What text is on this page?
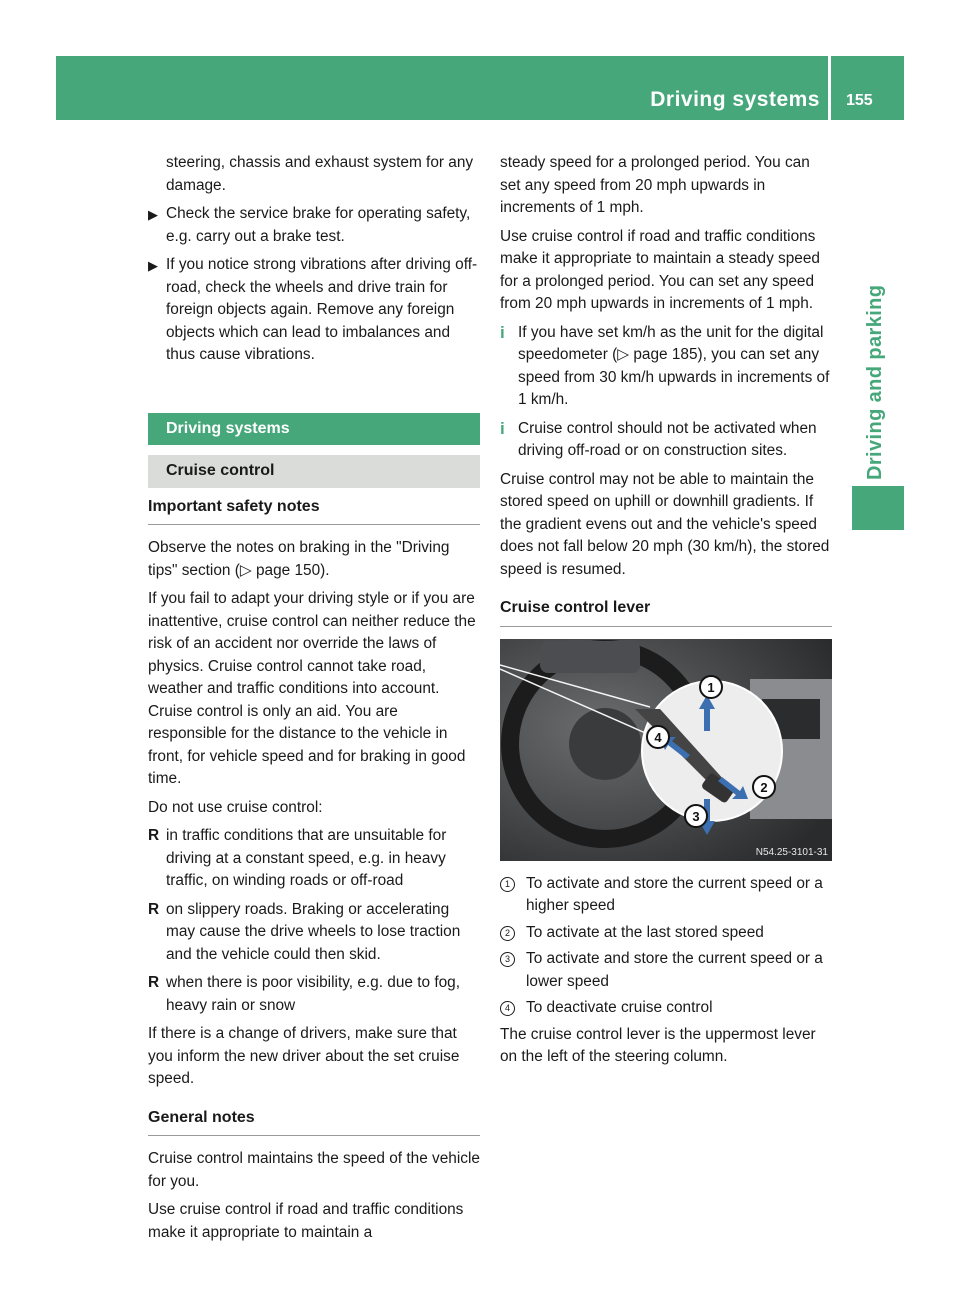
Driving systems 155
Driving and parking

steering, chassis and exhaust system for any damage.

▶ Check the service brake for operating safety, e.g. carry out a brake test.
▶ If you notice strong vibrations after driving off-road, check the wheels and drive train for foreign objects again. Remove any foreign objects which can lead to imbalances and thus cause vibrations.
Driving systems
Cruise control
Important safety notes

Observe the notes on braking in the "Driving tips" section (▷ page 150).

If you fail to adapt your driving style or if you are inattentive, cruise control can neither reduce the risk of an accident nor override the laws of physics. Cruise control cannot take road, weather and traffic conditions into account. Cruise control is only an aid. You are responsible for the distance to the vehicle in front, for vehicle speed and for braking in good time.

Do not use cruise control:

R in traffic conditions that are unsuitable for driving at a constant speed, e.g. in heavy traffic, on winding roads or off-road
R on slippery roads. Braking or accelerating may cause the drive wheels to lose traction and the vehicle could then skid.
R when there is poor visibility, e.g. due to fog, heavy rain or snow

If there is a change of drivers, make sure that you inform the new driver about the set cruise speed.

General notes

Cruise control maintains the speed of the vehicle for you.

Use cruise control if road and traffic conditions make it appropriate to maintain a

steady speed for a prolonged period. You can set any speed from 20 mph upwards in increments of 1 mph.

Use cruise control if road and traffic conditions make it appropriate to maintain a steady speed for a prolonged period. You can set any speed from 20 mph upwards in increments of 1 mph.

i If you have set km/h as the unit for the digital speedometer (▷ page 185), you can set any speed from 30 km/h upwards in increments of 1 km/h.
i Cruise control should not be activated when driving off-road or on construction sites.

Cruise control may not be able to maintain the stored speed on uphill or downhill gradients. If the gradient evens out and the vehicle's speed does not fall below 20 mph (30 km/h), the stored speed is resumed.

Cruise control lever
1
2
3
4
N54.25-3101-31
1	To activate and store the current speed or a higher speed
2	To activate at the last stored speed
3	To activate and store the current speed or a lower speed
4	To deactivate cruise control

The cruise control lever is the uppermost lever on the left of the steering column.
